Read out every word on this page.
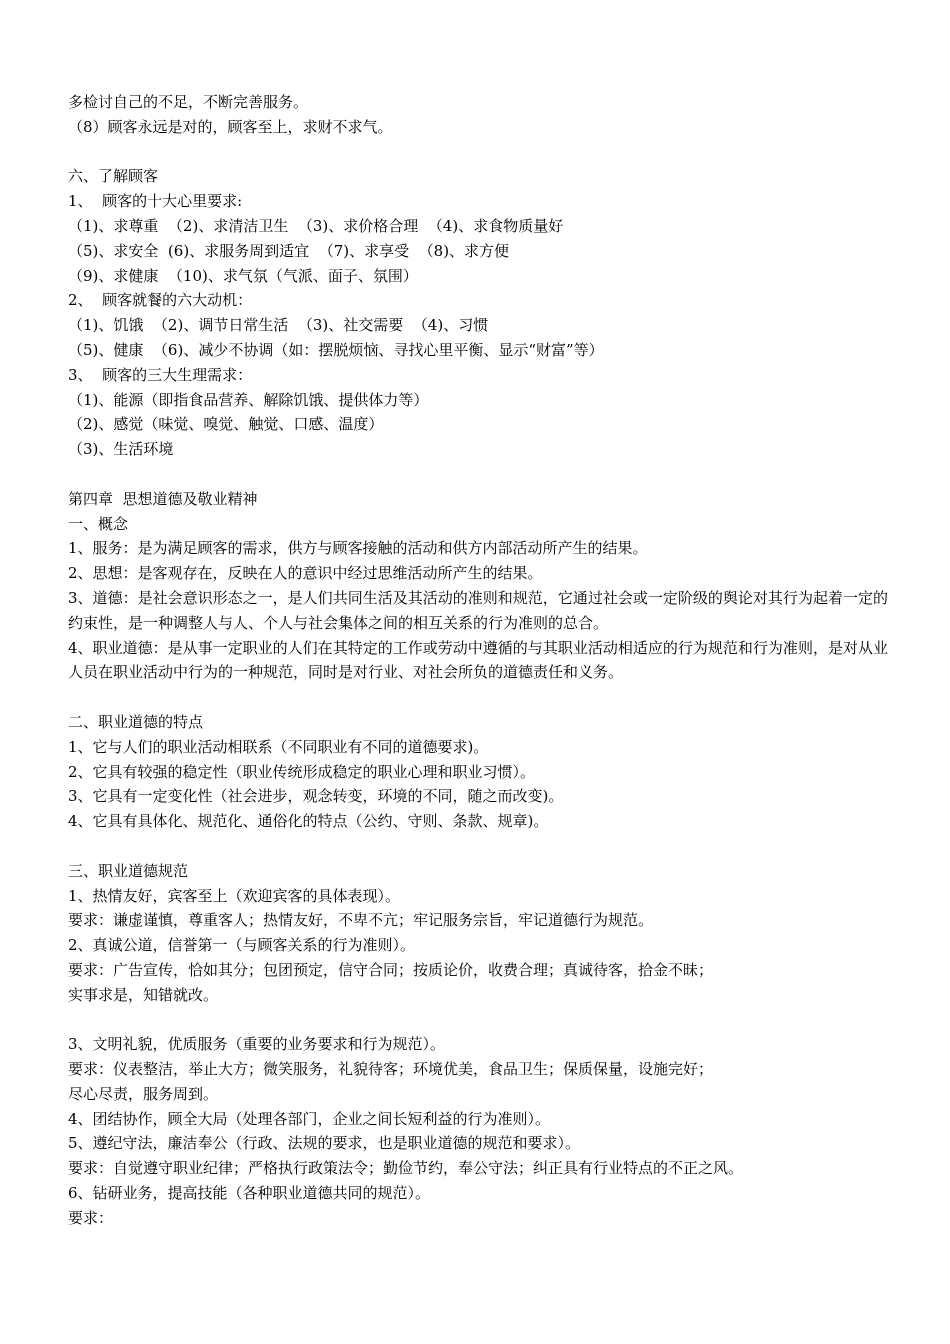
多检讨自己的不足，不断完善服务。

（8）顾客永远是对的，顾客至上，求财不求气。

六、了解顾客

1、  顾客的十大心里要求:

（1)、求尊重  （2)、求清洁卫生  （3)、求价格合理  （4)、求食物质量好

（5)、求安全  (6)、求服务周到适宜  （7)、求享受  （8)、求方便

（9)、求健康  （10)、求气氛（气派、面子、氛围）

2、  顾客就餐的六大动机：

（1)、饥饿  （2)、调节日常生活  （3)、社交需要  （4)、习惯

（5)、健康  （6)、减少不协调（如：摆脱烦恼、寻找心里平衡、显示“财富”等）

3、  顾客的三大生理需求：

（1)、能源（即指食品营养、解除饥饿、提供体力等）

（2)、感觉（味觉、嗅觉、触觉、口感、温度）

（3)、生活环境

第四章  思想道德及敬业精神

一、概念

1、服务：是为满足顾客的需求，供方与顾客接触的活动和供方内部活动所产生的结果。

2、思想：是客观存在，反映在人的意识中经过思维活动所产生的结果。

3、道德：是社会意识形态之一，是人们共同生活及其活动的准则和规范，它通过社会或一定阶级的舆论对其行为起着一定的约束性，是一种调整人与人、个人与社会集体之间的相互关系的行为准则的总合。

4、职业道德：是从事一定职业的人们在其特定的工作或劳动中遵循的与其职业活动相适应的行为规范和行为准则，是对从业人员在职业活动中行为的一种规范，同时是对行业、对社会所负的道德责任和义务。

二、职业道德的特点

1、它与人们的职业活动相联系（不同职业有不同的道德要求)。

2、它具有较强的稳定性（职业传统形成稳定的职业心理和职业习惯）。

3、它具有一定变化性（社会进步，观念转变，环境的不同，随之而改变)。

4、它具有具体化、规范化、通俗化的特点（公约、守则、条款、规章)。

三、职业道德规范

1、热情友好，宾客至上（欢迎宾客的具体表现）。

要求：谦虚谨慎，尊重客人；热情友好，不卑不亢；牢记服务宗旨，牢记道德行为规范。

2、真诚公道，信誉第一（与顾客关系的行为准则）。

要求：广告宣传，恰如其分；包团预定，信守合同；按质论价，收费合理；真诚待客，拾金不昧；

实事求是，知错就改。

3、文明礼貌，优质服务（重要的业务要求和行为规范）。

要求：仪表整洁，举止大方；微笑服务，礼貌待客；环境优美，食品卫生；保质保量，设施完好；

尽心尽责，服务周到。

4、团结协作，顾全大局（处理各部门，企业之间长短利益的行为准则）。

5、遵纪守法，廉洁奉公（行政、法规的要求，也是职业道德的规范和要求）。

要求：自觉遵守职业纪律；严格执行政策法令；勤俭节约，奉公守法；纠正具有行业特点的不正之风。

6、钻研业务，提高技能（各种职业道德共同的规范）。

要求：
